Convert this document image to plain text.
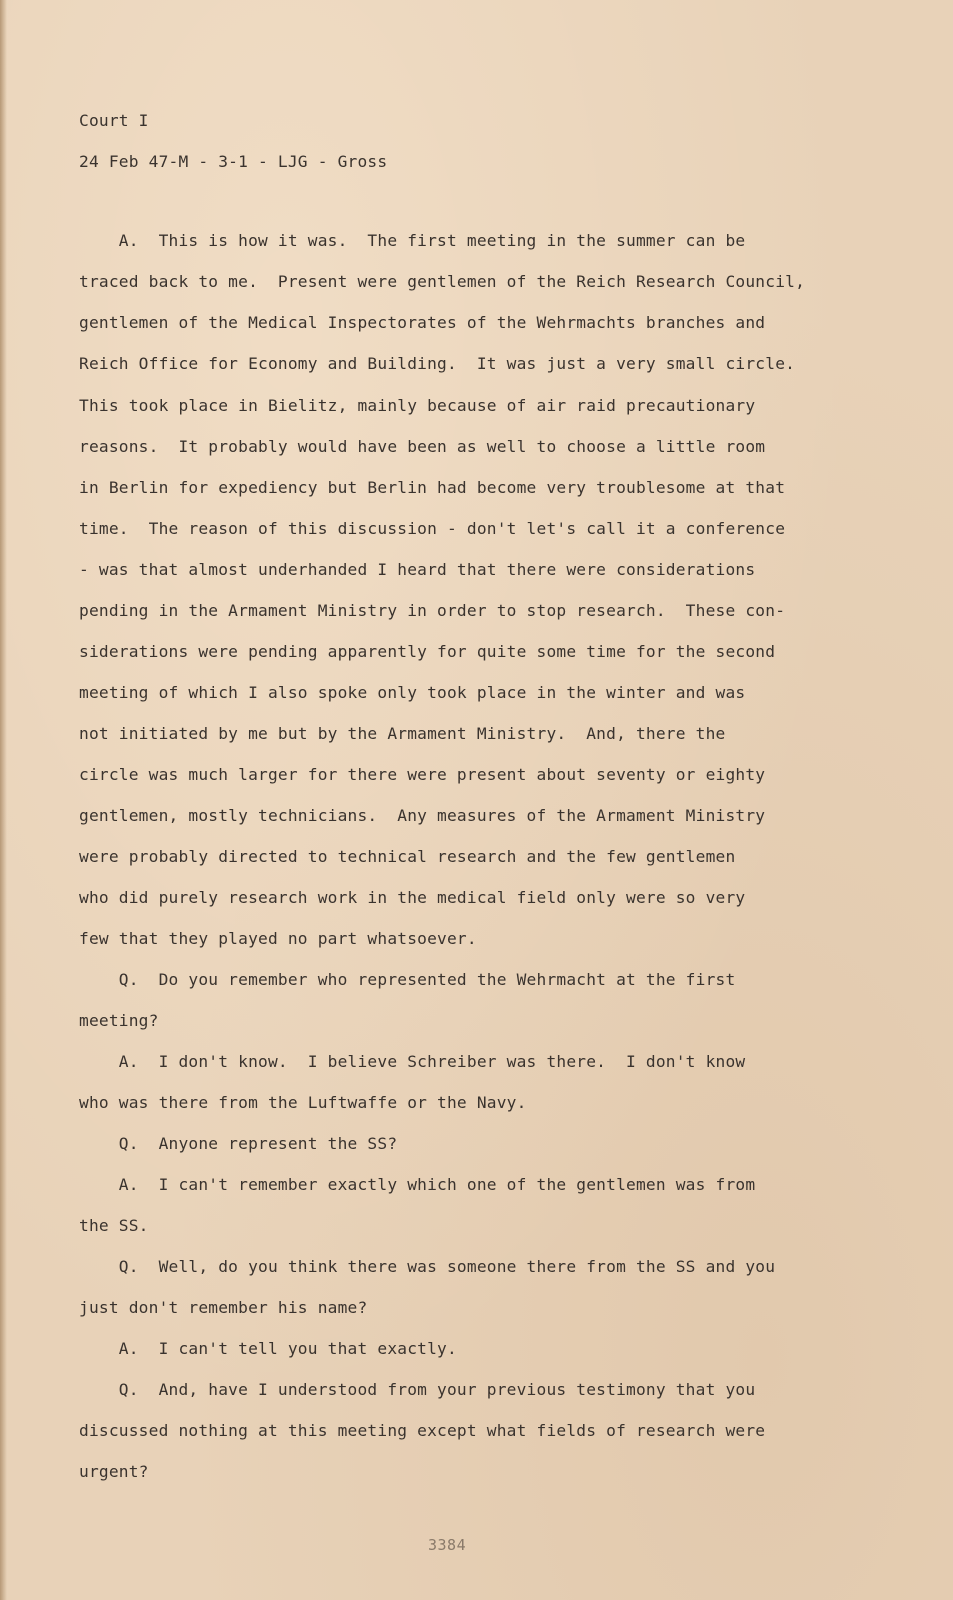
Court I
24 Feb 47-M - 3-1 - LJG - Gross
A.  This is how it was.  The first meeting in the summer can be
traced back to me.  Present were gentlemen of the Reich Research Council,
gentlemen of the Medical Inspectorates of the Wehrmachts branches and
Reich Office for Economy and Building.  It was just a very small circle.
This took place in Bielitz, mainly because of air raid precautionary
reasons.  It probably would have been as well to choose a little room
in Berlin for expediency but Berlin had become very troublesome at that
time.  The reason of this discussion - don't let's call it a conference
- was that almost underhanded I heard that there were considerations
pending in the Armament Ministry in order to stop research.  These con-
siderations were pending apparently for quite some time for the second
meeting of which I also spoke only took place in the winter and was
not initiated by me but by the Armament Ministry.  And, there the
circle was much larger for there were present about seventy or eighty
gentlemen, mostly technicians.  Any measures of the Armament Ministry
were probably directed to technical research and the few gentlemen
who did purely research work in the medical field only were so very
few that they played no part whatsoever.
Q.  Do you remember who represented the Wehrmacht at the first
meeting?
A.  I don't know.  I believe Schreiber was there.  I don't know
who was there from the Luftwaffe or the Navy.
Q.  Anyone represent the SS?
A.  I can't remember exactly which one of the gentlemen was from
the SS.
Q.  Well, do you think there was someone there from the SS and you
just don't remember his name?
A.  I can't tell you that exactly.
Q.  And, have I understood from your previous testimony that you
discussed nothing at this meeting except what fields of research were
urgent?
3384
